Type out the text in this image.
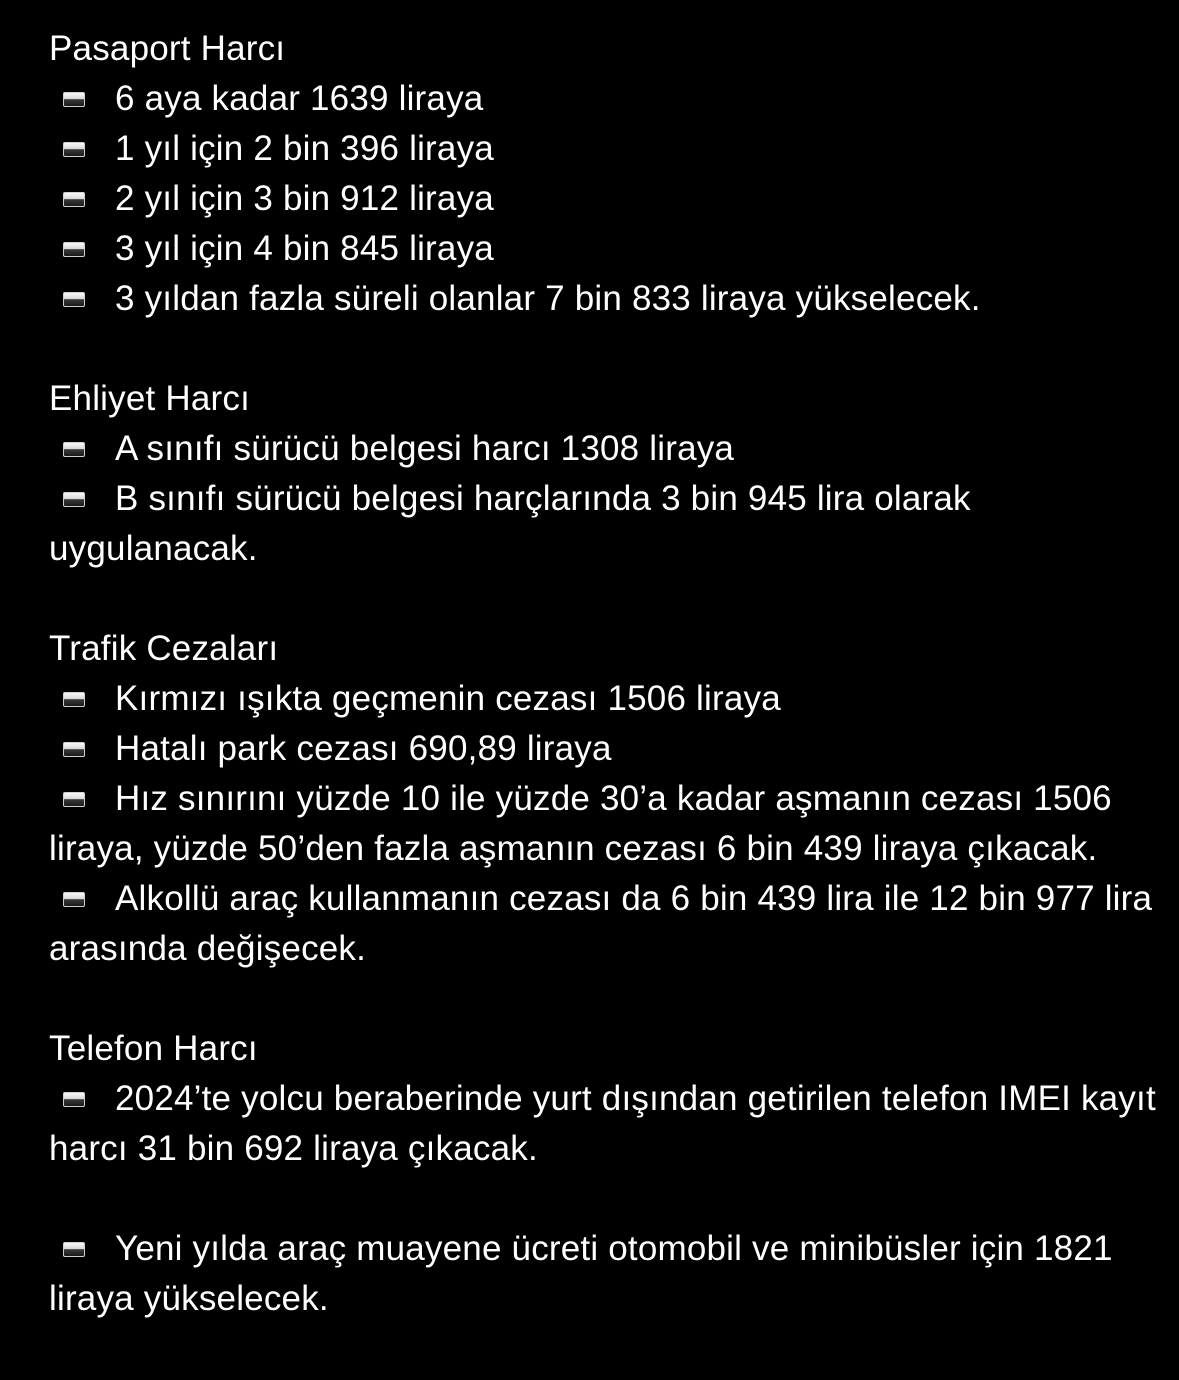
Pasaport Harcı
6 aya kadar 1639 liraya
1 yıl için 2 bin 396 liraya
2 yıl için 3 bin 912 liraya
3 yıl için 4 bin 845 liraya
3 yıldan fazla süreli olanlar 7 bin 833 liraya yükselecek.
Ehliyet Harcı
A sınıfı sürücü belgesi harcı 1308 liraya
B sınıfı sürücü belgesi harçlarında 3 bin 945 lira olarak uygulanacak.
Trafik Cezaları
Kırmızı ışıkta geçmenin cezası 1506 liraya
Hatalı park cezası 690,89 liraya
Hız sınırını yüzde 10 ile yüzde 30’a kadar aşmanın cezası 1506 liraya, yüzde 50’den fazla aşmanın cezası 6 bin 439 liraya çıkacak.
Alkollü araç kullanmanın cezası da 6 bin 439 lira ile 12 bin 977 lira arasında değişecek.
Telefon Harcı
2024’te yolcu beraberinde yurt dışından getirilen telefon IMEI kayıt harcı 31 bin 692 liraya çıkacak.
Yeni yılda araç muayene ücreti otomobil ve minibüsler için 1821 liraya yükselecek.
